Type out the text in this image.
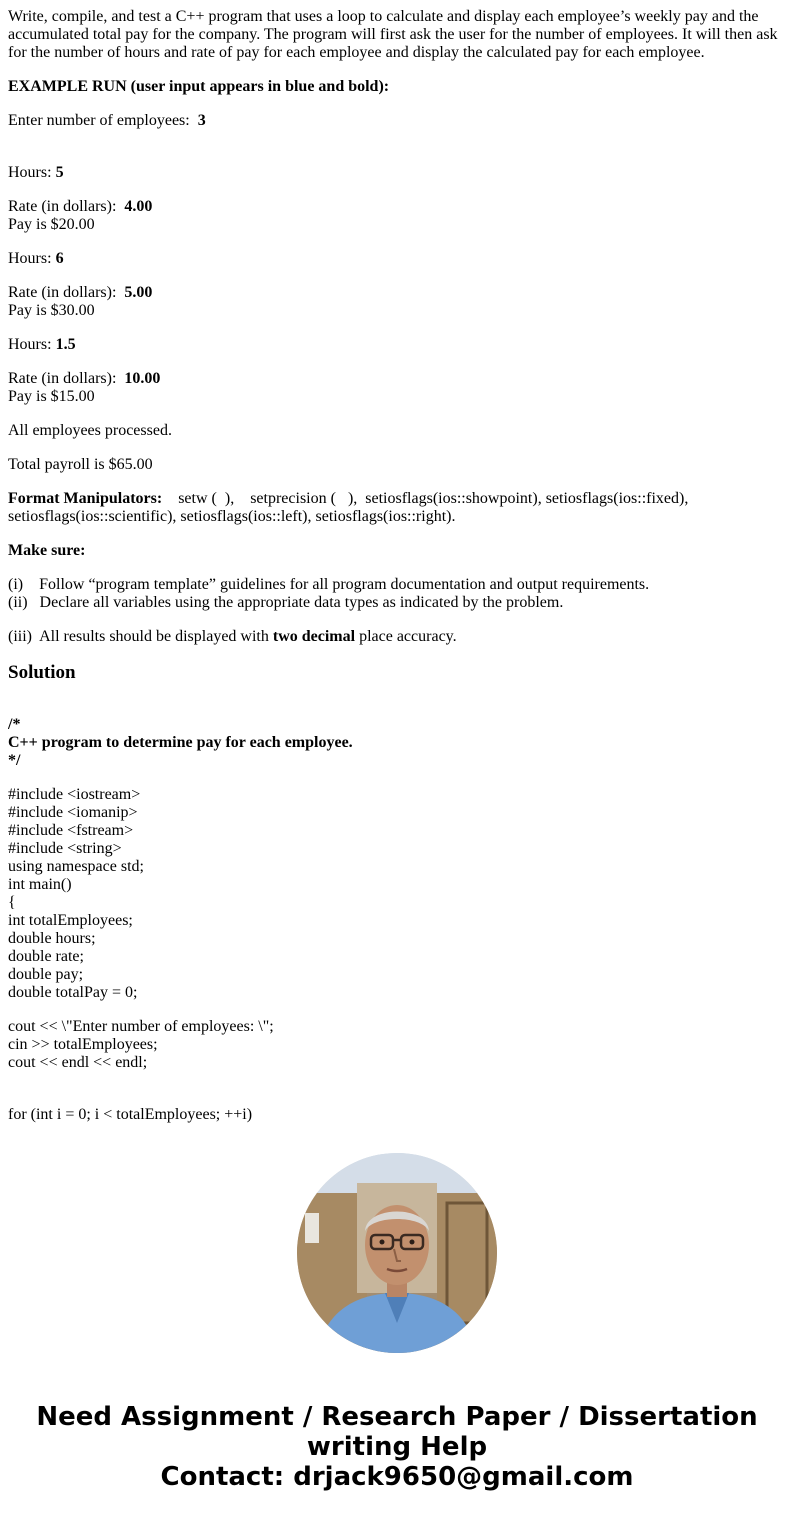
Write, compile, and test a C++ program that uses a loop to calculate and display each employee’s weekly pay and the accumulated total pay for the company. The program will first ask the user for the number of employees. It will then ask for the number of hours and rate of pay for each employee and display the calculated pay for each employee.

EXAMPLE RUN (user input appears in blue and bold):

Enter number of employees:  3

Hours: 5

Rate (in dollars):  4.00

Pay is $20.00

Hours: 6

Rate (in dollars):  5.00

Pay is $30.00

Hours: 1.5

Rate (in dollars):  10.00

Pay is $15.00

All employees processed.

Total payroll is $65.00

Format Manipulators:    setw (  ),    setprecision (   ),  setiosflags(ios::showpoint), setiosflags(ios::fixed), setiosflags(ios::scientific), setiosflags(ios::left), setiosflags(ios::right).

Make sure:

(i)    Follow “program template” guidelines for all program documentation and output requirements.

(ii)   Declare all variables using the appropriate data types as indicated by the problem.

(iii)  All results should be displayed with two decimal place accuracy.

Solution

/*

C++ program to determine pay for each employee.

*/

#include <iostream>

#include <iomanip>

#include <fstream>

#include <string>

using namespace std;

int main()

{

int totalEmployees;

double hours;

double rate;

double pay;

double totalPay = 0;

cout << \"Enter number of employees: \";

cin >> totalEmployees;

cout << endl << endl;

for (int i = 0; i < totalEmployees; ++i)

Need Assignment / Research Paper / Dissertation
writing Help
Contact: drjack9650@gmail.com
